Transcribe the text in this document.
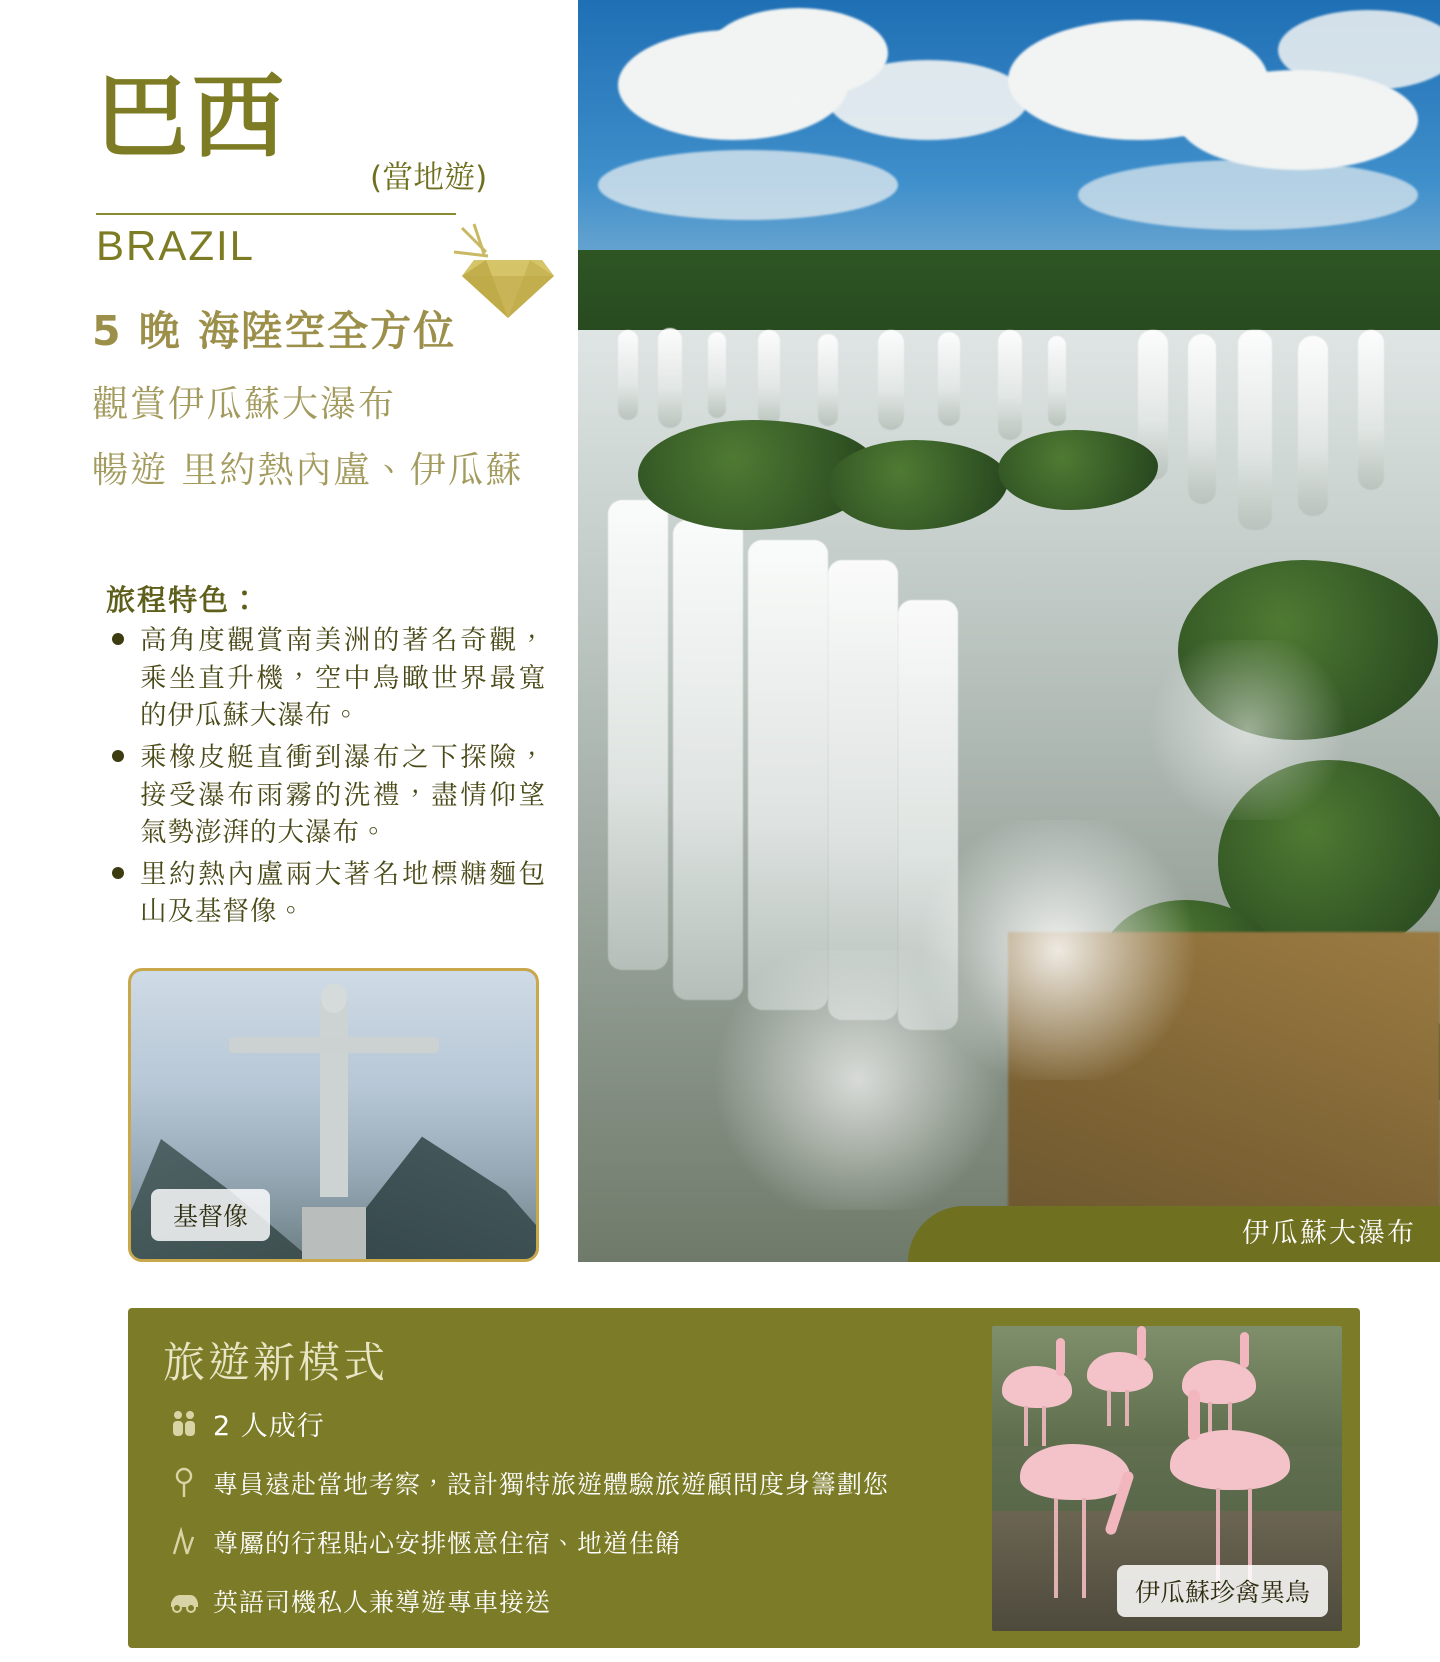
巴西
(當地遊)
BRAZIL
5 晚 海陸空全方位
觀賞伊瓜蘇大瀑布
暢遊 里約熱內盧、伊瓜蘇
旅程特色：
高角度觀賞南美洲的著名奇觀，乘坐直升機，空中鳥瞰世界最寬的伊瓜蘇大瀑布。
乘橡皮艇直衝到瀑布之下探險，接受瀑布雨霧的洗禮，盡情仰望氣勢澎湃的大瀑布。
里約熱內盧兩大著名地標糖麵包山及基督像。
基督像
伊瓜蘇大瀑布
旅遊新模式
2 人成行
專員遠赴當地考察，設計獨特旅遊體驗旅遊顧問度身籌劃您
尊屬的行程貼心安排愜意住宿、地道佳餚
英語司機私人兼導遊專車接送	伊瓜蘇珍禽異鳥
